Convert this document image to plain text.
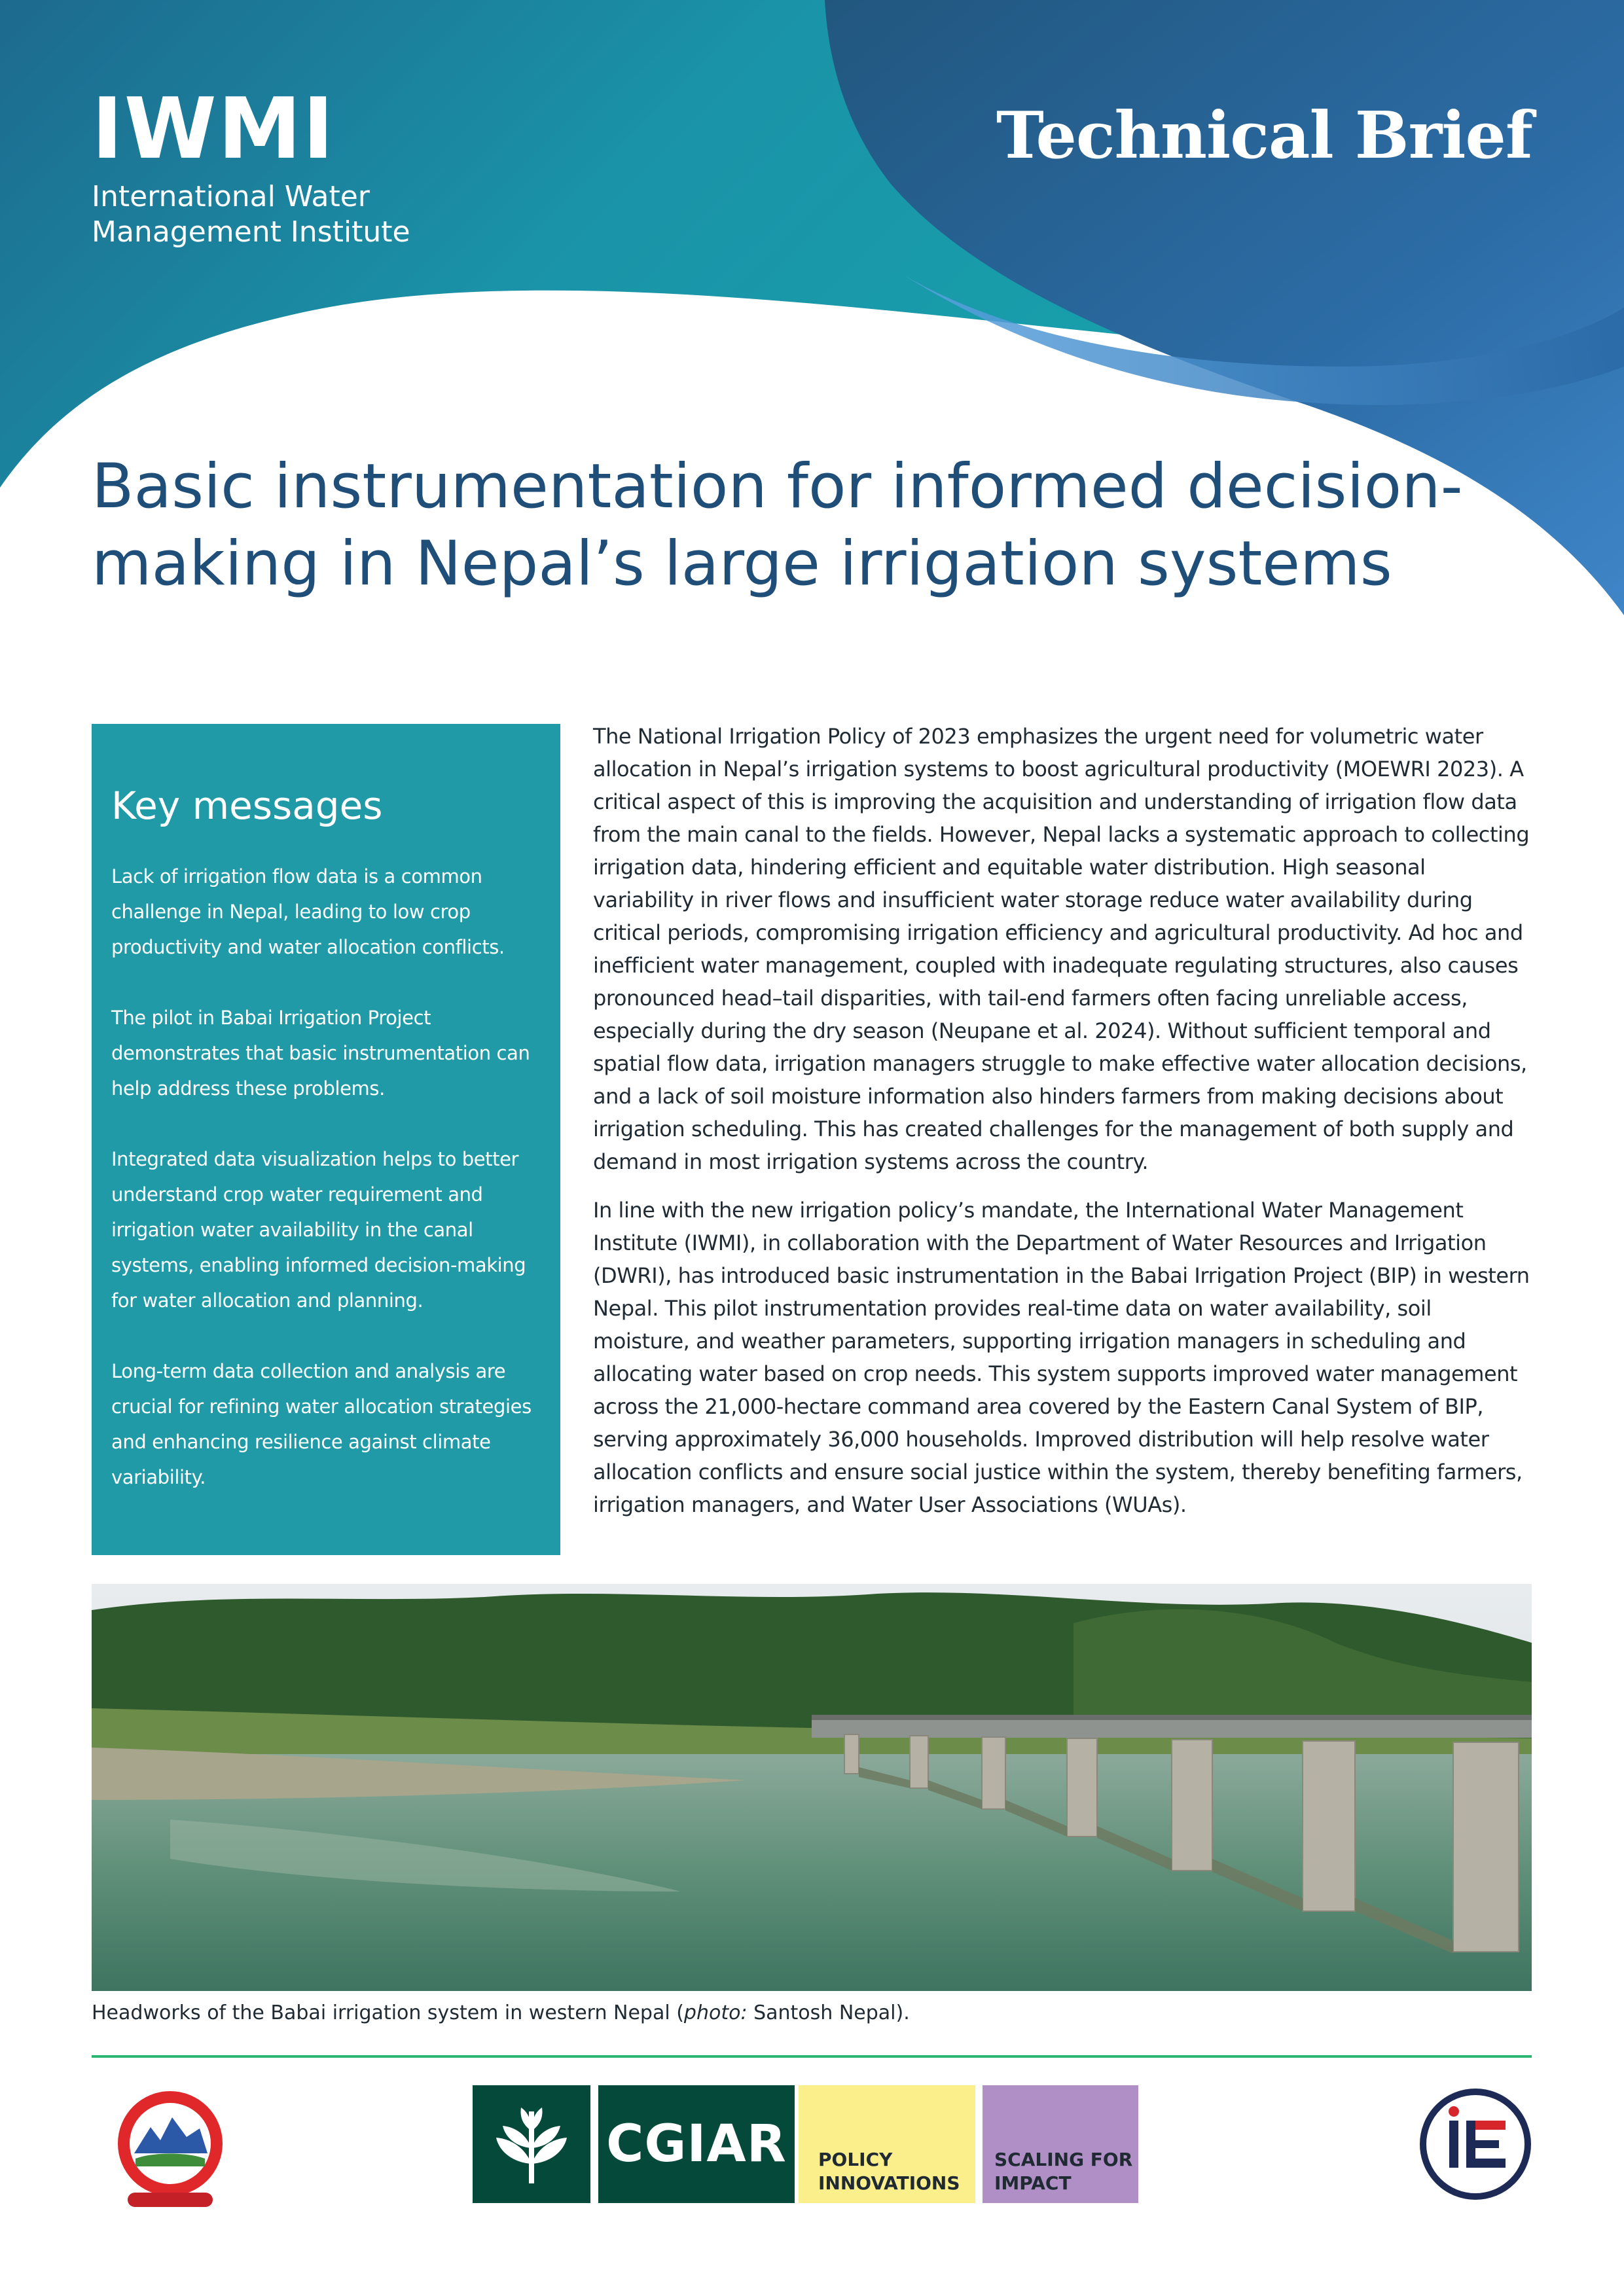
IWMI
International Water
Management Institute
Technical Brief
Basic instrumentation for informed decision-making in Nepal’s large irrigation systems
Key messages

Lack of irrigation flow data is a common challenge in Nepal, leading to low crop productivity and water allocation conflicts.

The pilot in Babai Irrigation Project demonstrates that basic instrumentation can help address these problems.

Integrated data visualization helps to better understand crop water requirement and irrigation water availability in the canal systems, enabling informed decision-making for water allocation and planning.

Long-term data collection and analysis are crucial for refining water allocation strategies and enhancing resilience against climate variability.

The National Irrigation Policy of 2023 emphasizes the urgent need for volumetric water allocation in Nepal’s irrigation systems to boost agricultural productivity (MOEWRI 2023). A critical aspect of this is improving the acquisition and understanding of irrigation flow data from the main canal to the fields. However, Nepal lacks a systematic approach to collecting irrigation data, hindering efficient and equitable water distribution. High seasonal variability in river flows and insufficient water storage reduce water availability during critical periods, compromising irrigation efficiency and agricultural productivity. Ad hoc and inefficient water management, coupled with inadequate regulating structures, also causes pronounced head–tail disparities, with tail-end farmers often facing unreliable access, especially during the dry season (Neupane et al. 2024). Without sufficient temporal and spatial flow data, irrigation managers struggle to make effective water allocation decisions, and a lack of soil moisture information also hinders farmers from making decisions about irrigation scheduling. This has created challenges for the management of both supply and demand in most irrigation systems across the country.

In line with the new irrigation policy’s mandate, the International Water Management Institute (IWMI), in collaboration with the Department of Water Resources and Irrigation (DWRI), has introduced basic instrumentation in the Babai Irrigation Project (BIP) in western Nepal. This pilot instrumentation provides real-time data on water availability, soil moisture, and weather parameters, supporting irrigation managers in scheduling and allocating water based on crop needs. This system supports improved water management across the 21,000-hectare command area covered by the Eastern Canal System of BIP, serving approximately 36,000 households. Improved distribution will help resolve water allocation conflicts and ensure social justice within the system, thereby benefiting farmers, irrigation managers, and Water User Associations (WUAs).

Headworks of the Babai irrigation system in western Nepal (photo: Santosh Nepal).
CGIAR	POLICY
INNOVATIONS
SCALING FOR
IMPACT
